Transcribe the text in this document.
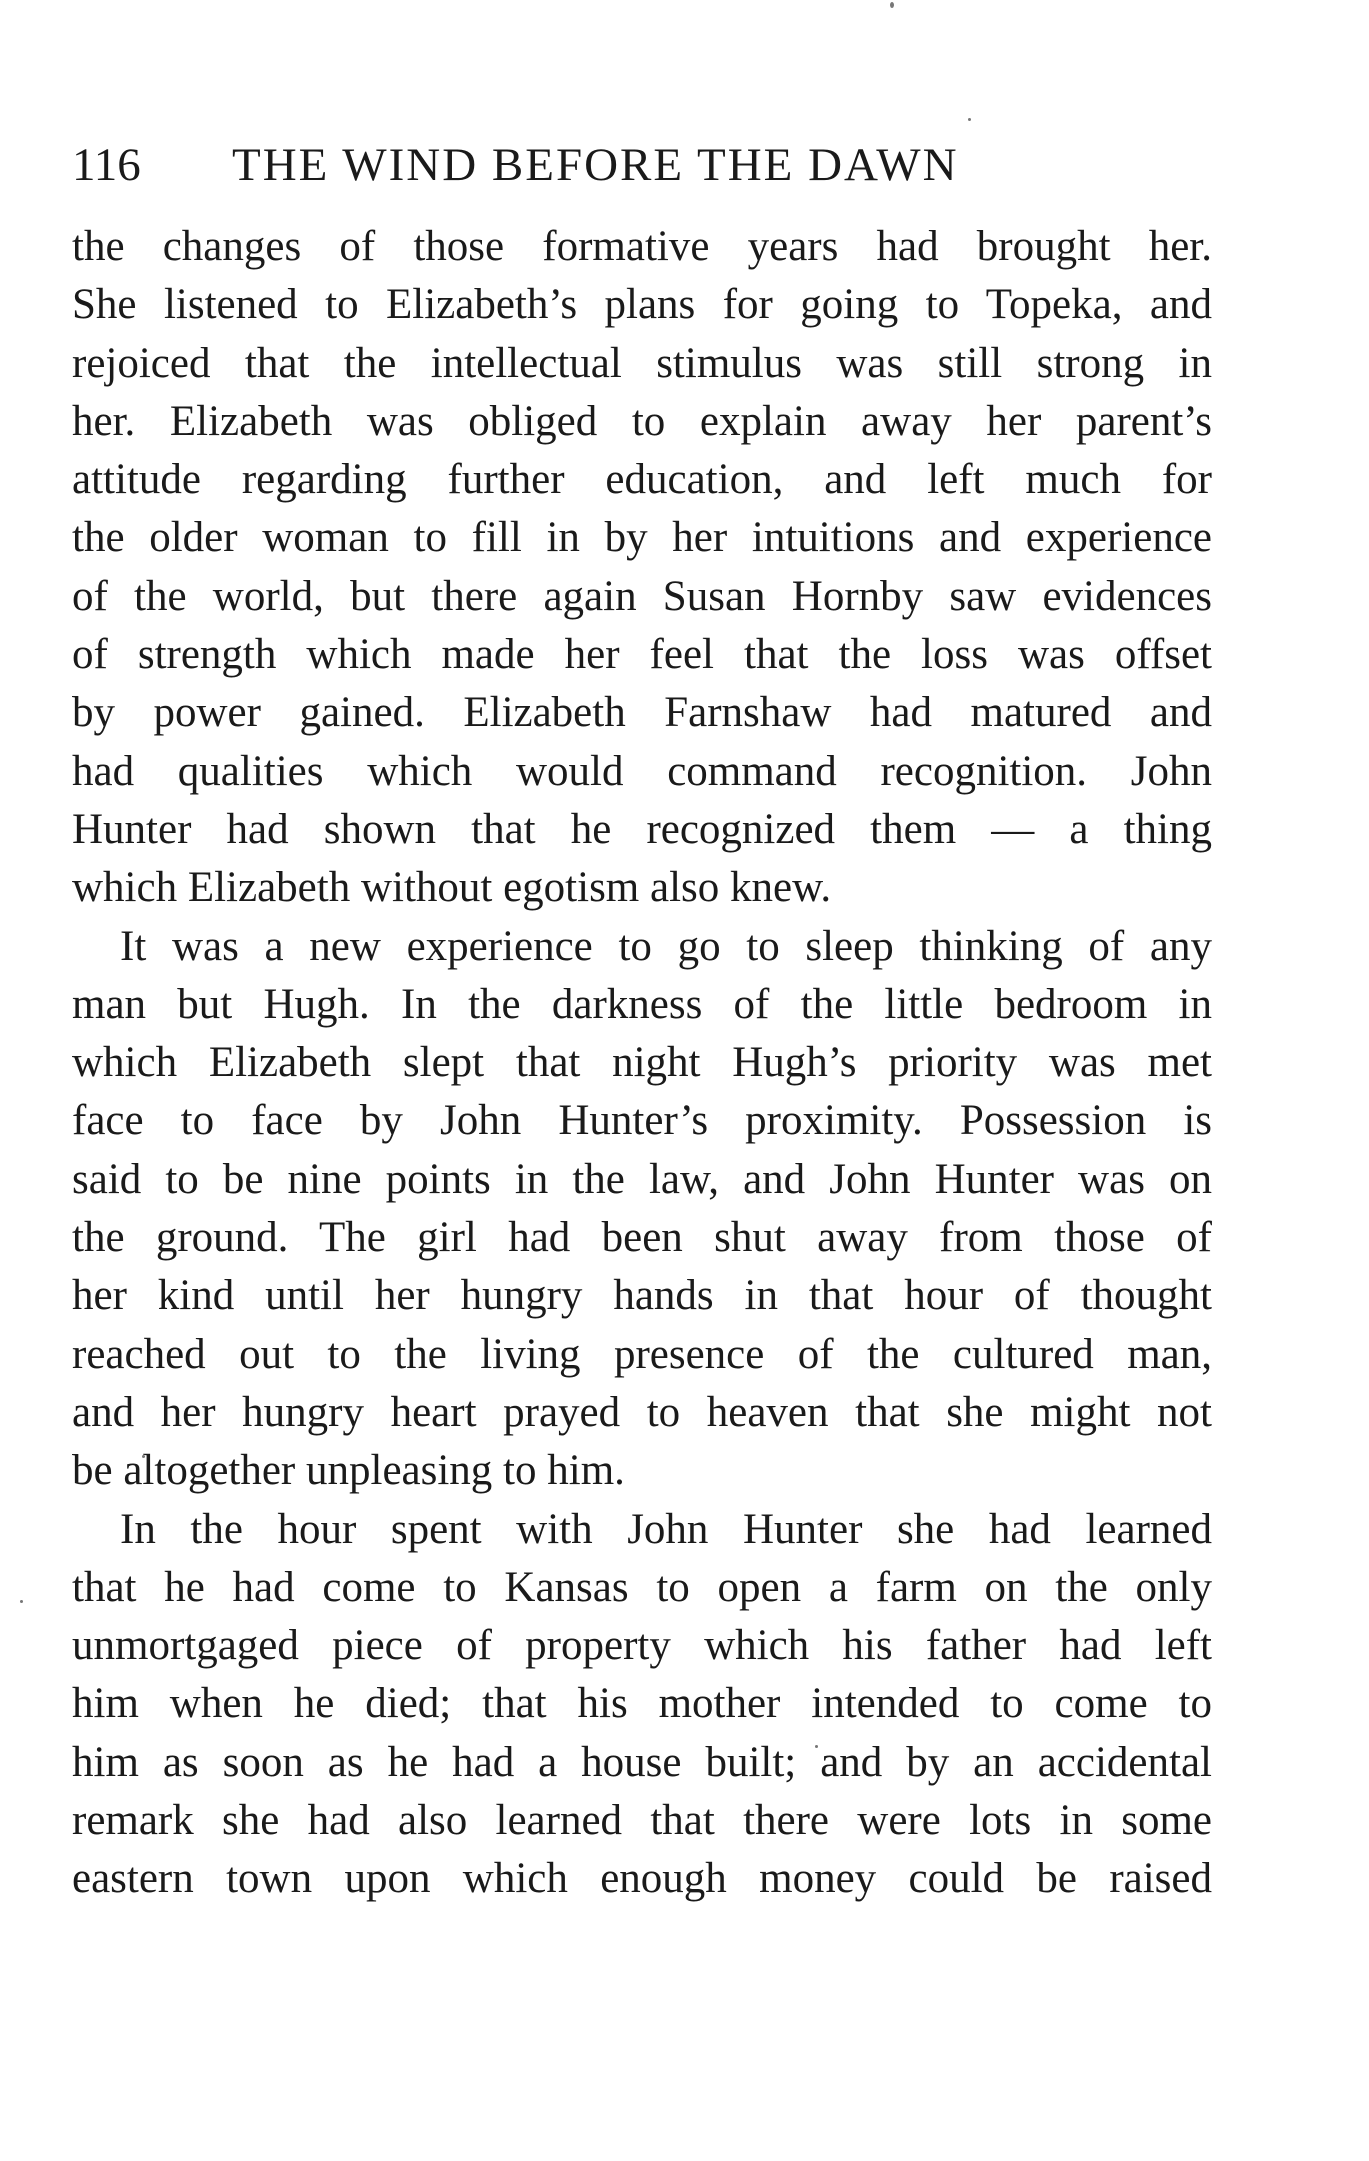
116	THE WIND BEFORE THE DAWN
the changes of those formative years had brought her.
She listened to Elizabeth’s plans for going to Topeka, and
rejoiced that the intellectual stimulus was still strong in
her. Elizabeth was obliged to explain away her parent’s
attitude regarding further education, and left much for
the older woman to fill in by her intuitions and experience
of the world, but there again Susan Hornby saw evidences
of strength which made her feel that the loss was offset
by power gained. Elizabeth Farnshaw had matured and
had qualities which would command recognition. John
Hunter had shown that he recognized them — a thing
which Elizabeth without egotism also knew.
It was a new experience to go to sleep thinking of any
man but Hugh. In the darkness of the little bedroom in
which Elizabeth slept that night Hugh’s priority was met
face to face by John Hunter’s proximity. Possession is
said to be nine points in the law, and John Hunter was on
the ground. The girl had been shut away from those of
her kind until her hungry hands in that hour of thought
reached out to the living presence of the cultured man,
and her hungry heart prayed to heaven that she might not
be altogether unpleasing to him.
In the hour spent with John Hunter she had learned
that he had come to Kansas to open a farm on the only
unmortgaged piece of property which his father had left
him when he died; that his mother intended to come to
him as soon as he had a house built; and by an accidental
remark she had also learned that there were lots in some
eastern town upon which enough money could be raised
